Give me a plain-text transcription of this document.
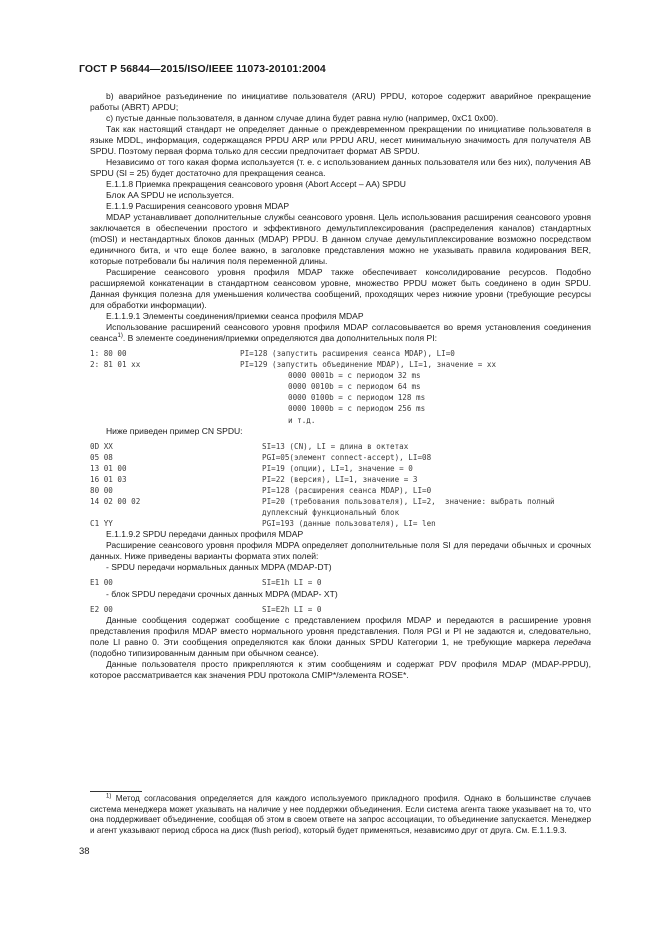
ГОСТ Р 56844—2015/ISO/IEEE 11073-20101:2004

b) аварийное разъединение по инициативе пользователя (ARU) PPDU, которое содержит аварийное прекращение работы (ABRT) APDU;

c) пустые данные пользователя, в данном случае длина будет равна нулю (например, 0xC1 0x00).

Так как настоящий стандарт не определяет данные о преждевременном прекращении по инициативе пользователя в языке MDDL, информация, содержащаяся PPDU ARP или PPDU ARU, несет минимальную значимость для получателя AB SPDU. Поэтому первая форма только для сессии предпочитает формат AB SPDU.

Независимо от того какая форма используется (т. е. с использованием данных пользователя или без них), получения AB SPDU (SI = 25) будет достаточно для прекращения сеанса.

E.1.1.8 Приемка прекращения сеансового уровня (Abort Accept – AA) SPDU

Блок AA SPDU не используется.

E.1.1.9 Расширения сеансового уровня MDAP

MDAP устанавливает дополнительные службы сеансового уровня. Цель использования расширения сеансового уровня заключается в обеспечении простого и эффективного демультиплексирования (распределения каналов) стандартных (mOSI) и нестандартных блоков данных (MDAP) PPDU. В данном случае демультиплексирование возможно посредством единичного бита, и что еще более важно, в заголовке представления можно не указывать правила кодирования BER, которые потребовали бы наличия поля переменной длины.

Расширение сеансового уровня профиля MDAP также обеспечивает консолидирование ресурсов. Подобно расширяемой конкатенации в стандартном сеансовом уровне, множество PPDU может быть соединено в один SPDU. Данная функция полезна для уменьшения количества сообщений, проходящих через нижние уровни (требующие ресурсы для обработки информации).

E.1.1.9.1 Элементы соединения/приемки сеанса профиля MDAP

Использование расширений сеансового уровня профиля MDAP согласовывается во время установления соединения сеанса$^{1)}$. В элементе соединения/приемки определяются два дополнительных поля PI:

1: 80 00	PI=128 (запустить расширения сеанса MDAP), LI=0
2: 81 01 xx	PI=129 (запустить объединение MDAP), LI=1, значение = xx
0000 0001b = с периодом 32 ms
0000 0010b = с периодом 64 ms
0000 0100b = с периодом 128 ms
0000 1000b = с периодом 256 ms
и т.д.

Ниже приведен пример CN SPDU:

0D XX	SI=13 (CN), LI = длина в октетах
05 08	PGI=05(элемент connect-accept), LI=08
13 01 00	PI=19 (опции), LI=1, значение = 0
16 01 03	PI=22 (версия), LI=1, значение = 3
80 00	PI=128 (расширения сеанса MDAP), LI=0
14 02 00 02	PI=20 (требования пользователя), LI=2,  значение: выбрать полный дуплексный функциональный блок
C1 YY	PGI=193 (данные пользователя), LI= len

E.1.1.9.2 SPDU передачи данных профиля MDAP

Расширение сеансового уровня профиля MDPA определяет дополнительные поля SI для передачи обычных и срочных данных. Ниже приведены варианты формата этих полей:

- SPDU передачи нормальных данных MDPA (MDAP-DT)

E1 00	SI=E1h LI = 0

- блок SPDU передачи срочных данных MDPA (MDAP- XT)

E2 00	SI=E2h LI = 0

Данные сообщения содержат сообщение с представлением профиля MDAP и передаются в расширение уровня представления профиля MDAP вместо нормального уровня представления. Поля PGI и PI не задаются и, следовательно, поле LI равно 0. Эти сообщения определяются как блоки данных SPDU Категории 1, не требующие маркера передача (подобно типизированным данным при обычном сеансе).

Данные пользователя просто прикрепляются к этим сообщениям и содержат PDV профиля MDAP (MDAP-PPDU), которое рассматривается как значения PDU протокола CMIP*/элемента ROSE*.

$^{1)}$ Метод согласования определяется для каждого используемого прикладного профиля. Однако в большинстве случаев система менеджера может указывать на наличие у нее поддержки объединения. Если система агента также указывает на то, что она поддерживает объединение, сообщая об этом в своем ответе на запрос ассоциации, то объединение запускается. Менеджер и агент указывают период сброса на диск (flush period), который будет применяться, независимо друг от друга. См. E.1.1.9.3.

38
